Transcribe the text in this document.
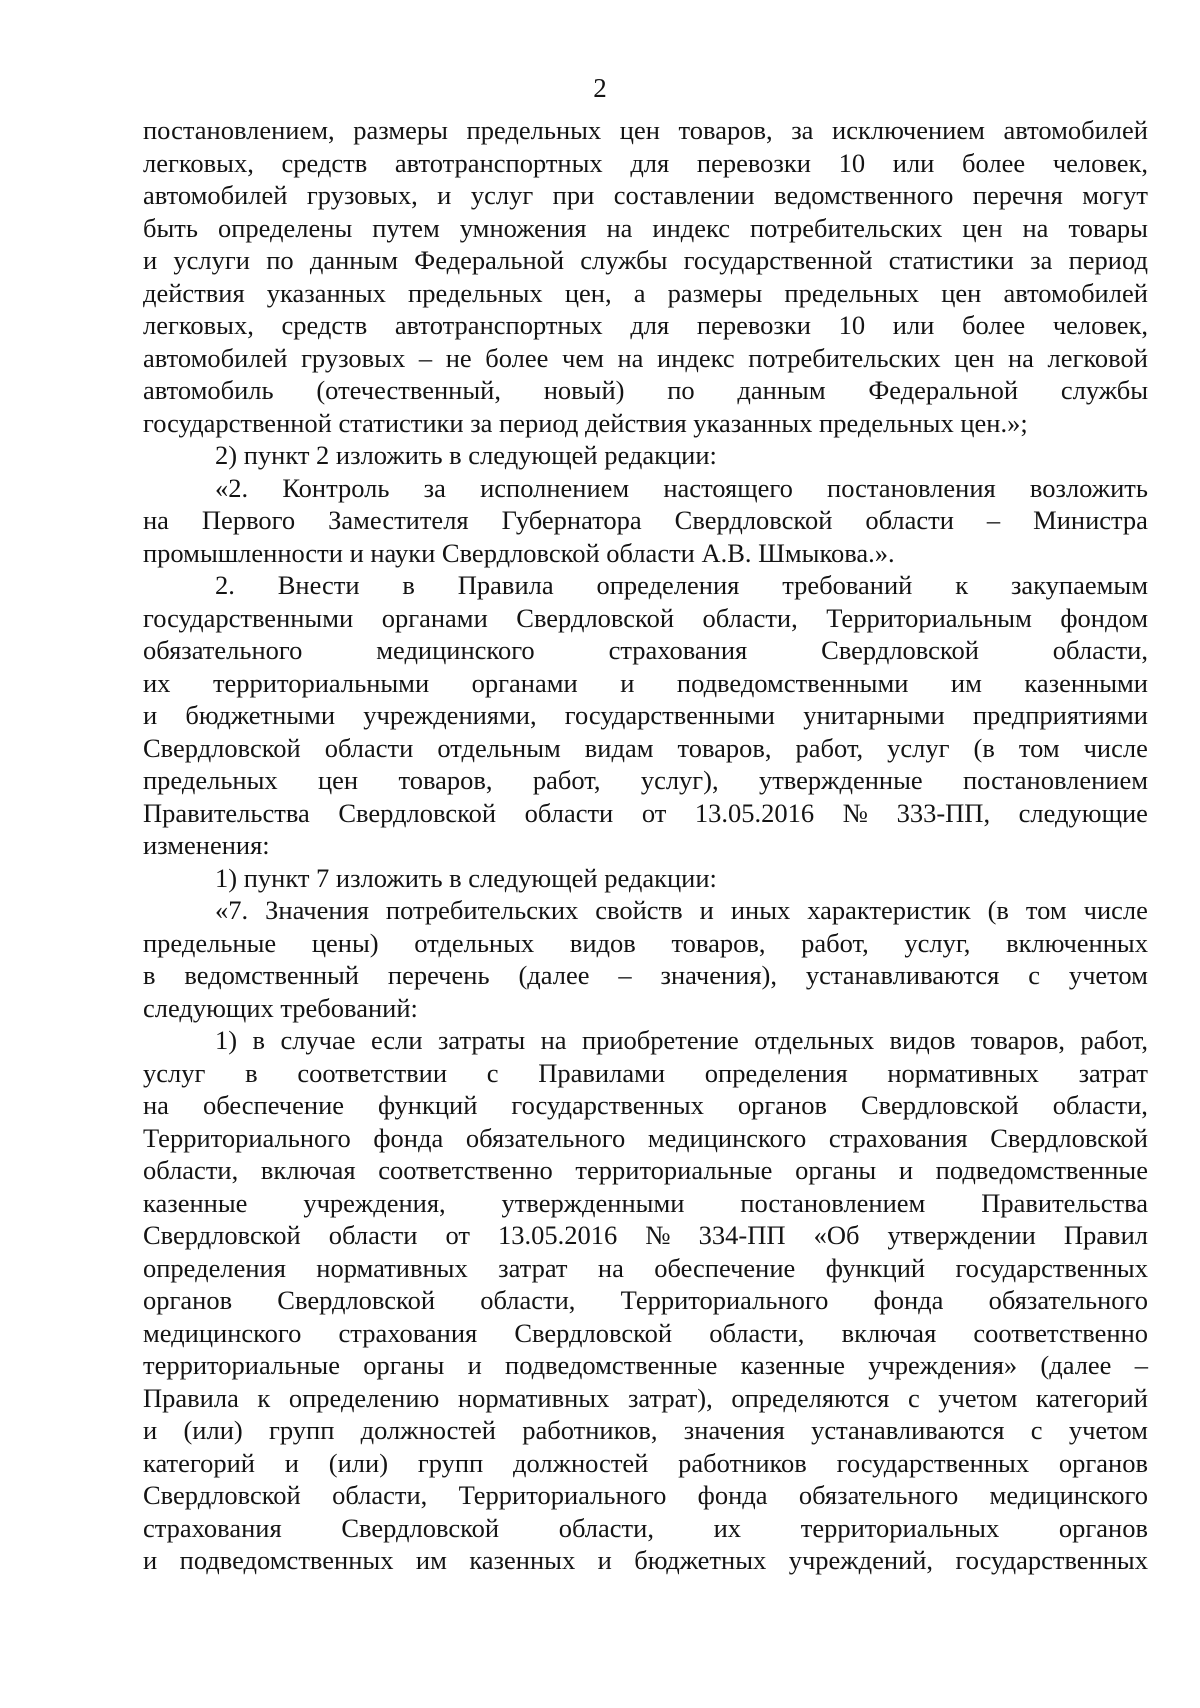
2
постановлением, размеры предельных цен товаров, за исключением автомобилей
легковых, средств автотранспортных для перевозки 10 или более человек,
автомобилей грузовых, и услуг при составлении ведомственного перечня могут
быть определены путем умножения на индекс потребительских цен на товары
и услуги по данным Федеральной службы государственной статистики за период
действия указанных предельных цен, а размеры предельных цен автомобилей
легковых, средств автотранспортных для перевозки 10 или более человек,
автомобилей грузовых – не более чем на индекс потребительских цен на легковой
автомобиль (отечественный, новый) по данным Федеральной службы
государственной статистики за период действия указанных предельных цен.»;
2) пункт 2 изложить в следующей редакции:
«2. Контроль за исполнением настоящего постановления возложить
на Первого Заместителя Губернатора Свердловской области – Министра
промышленности и науки Свердловской области А.В. Шмыкова.».
2. Внести в Правила определения требований к закупаемым
государственными органами Свердловской области, Территориальным фондом
обязательного	медицинского	страхования	Свердловской	области,
их территориальными органами и подведомственными им казенными
и бюджетными учреждениями, государственными унитарными предприятиями
Свердловской области отдельным видам товаров, работ, услуг (в том числе
предельных цен товаров, работ, услуг), утвержденные постановлением
Правительства Свердловской области от 13.05.2016 № 333-ПП, следующие
изменения:
1) пункт 7 изложить в следующей редакции:
«7. Значения потребительских свойств и иных характеристик (в том числе
предельные цены) отдельных видов товаров, работ, услуг, включенных
в ведомственный перечень (далее – значения), устанавливаются с учетом
следующих требований:
1) в случае если затраты на приобретение отдельных видов товаров, работ,
услуг в соответствии с Правилами определения нормативных затрат
на обеспечение функций государственных органов Свердловской области,
Территориального фонда обязательного медицинского страхования Свердловской
области, включая соответственно территориальные органы и подведомственные
казенные учреждения, утвержденными постановлением Правительства
Свердловской области от 13.05.2016 № 334-ПП «Об утверждении Правил
определения нормативных затрат на обеспечение функций государственных
органов Свердловской области, Территориального фонда обязательного
медицинского страхования Свердловской области, включая соответственно
территориальные органы и подведомственные казенные учреждения» (далее –
Правила к определению нормативных затрат), определяются с учетом категорий
и (или) групп должностей работников, значения устанавливаются с учетом
категорий и (или) групп должностей работников государственных органов
Свердловской области, Территориального фонда обязательного медицинского
страхования Свердловской области, их территориальных органов
и подведомственных им казенных и бюджетных учреждений, государственных
